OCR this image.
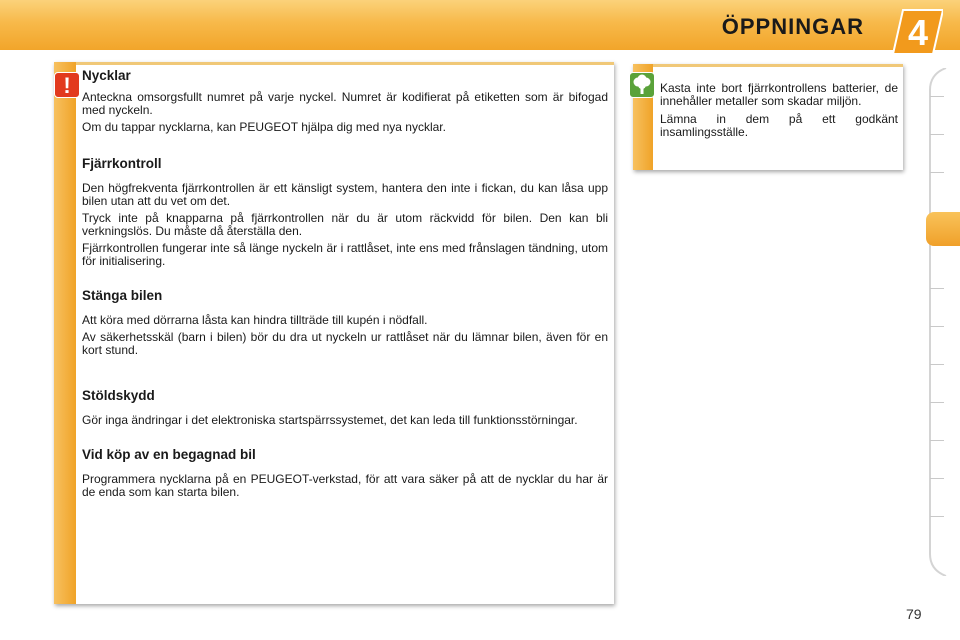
ÖPPNINGAR	4
! Nycklar

Anteckna omsorgsfullt numret på varje nyckel. Numret är kodifierat på etiketten som är bifogad med nyckeln.

Om du tappar nycklarna, kan PEUGEOT hjälpa dig med nya nycklar.

Fjärrkontroll

Den högfrekventa fjärrkontrollen är ett känsligt system, hantera den inte i fickan, du kan låsa upp bilen utan att du vet om det.

Tryck inte på knapparna på fjärrkontrollen när du är utom räckvidd för bilen. Den kan bli verkningslös. Du måste då återställa den.

Fjärrkontrollen fungerar inte så länge nyckeln är i rattlåset, inte ens med frånslagen tändning, utom för initialisering.

Stänga bilen

Att köra med dörrarna låsta kan hindra tillträde till kupén i nödfall.

Av säkerhetsskäl (barn i bilen) bör du dra ut nyckeln ur rattlåset när du lämnar bilen, även för en kort stund.

Stöldskydd

Gör inga ändringar i det elektroniska startspärrssystemet, det kan leda till funktionsstörningar.

Vid köp av en begagnad bil

Programmera nycklarna på en PEUGEOT-verkstad, för att vara säker på att de nycklar du har är de enda som kan starta bilen.

Kasta inte bort fjärrkontrollens batterier, de innehåller metaller som skadar miljön.

Lämna in dem på ett godkänt insamlingsställe.

79
